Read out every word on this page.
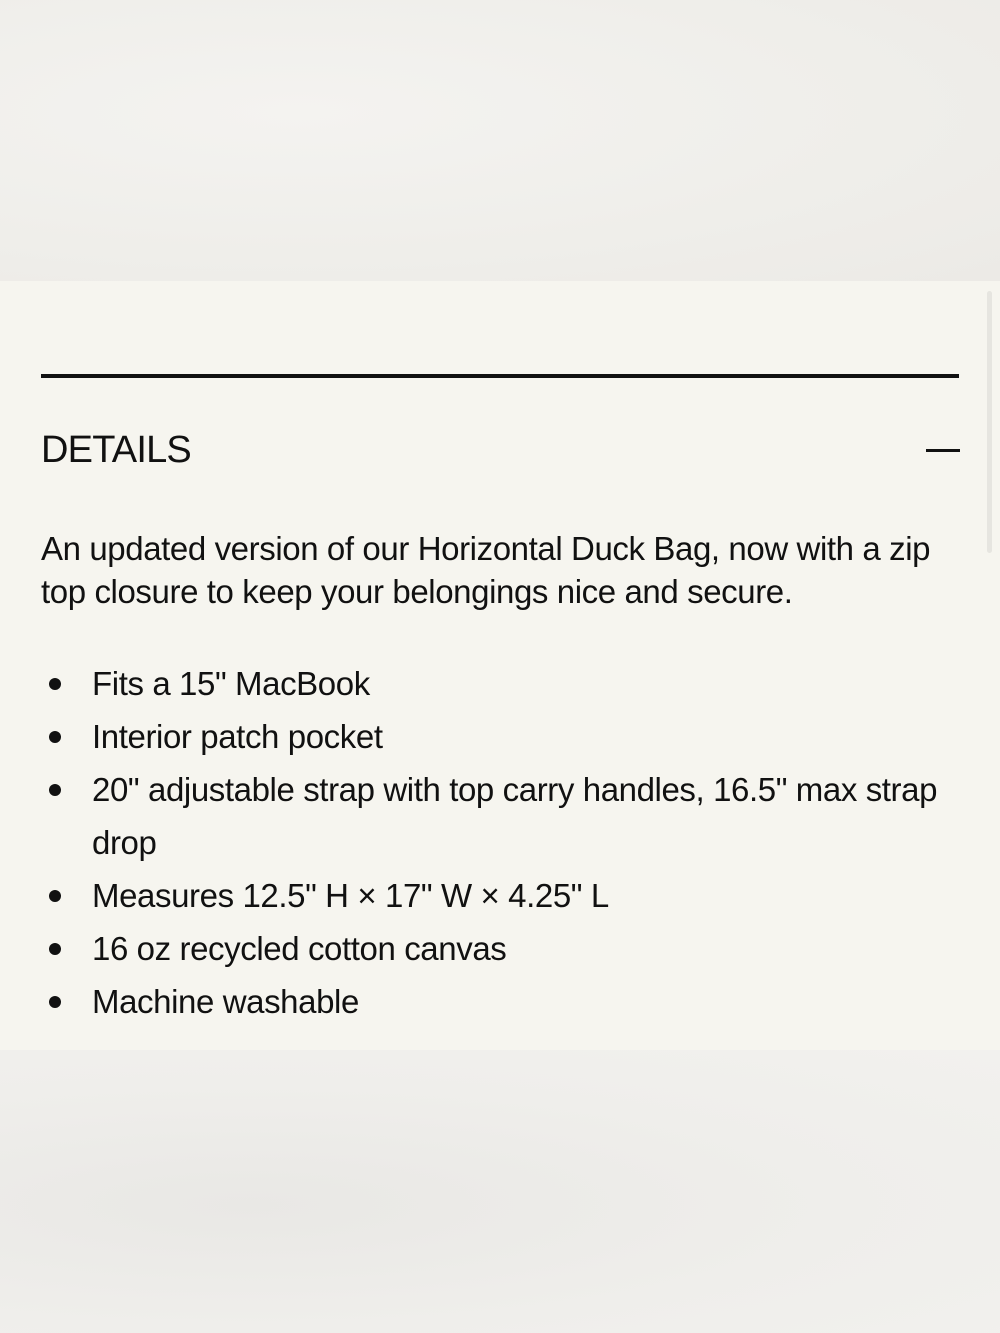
DETAILS

An updated version of our Horizontal Duck Bag, now with a zip top closure to keep your belongings nice and secure.

Fits a 15" MacBook
Interior patch pocket
20" adjustable strap with top carry handles, 16.5" max strap drop
Measures 12.5" H × 17" W × 4.25" L
16 oz recycled cotton canvas
Machine washable
